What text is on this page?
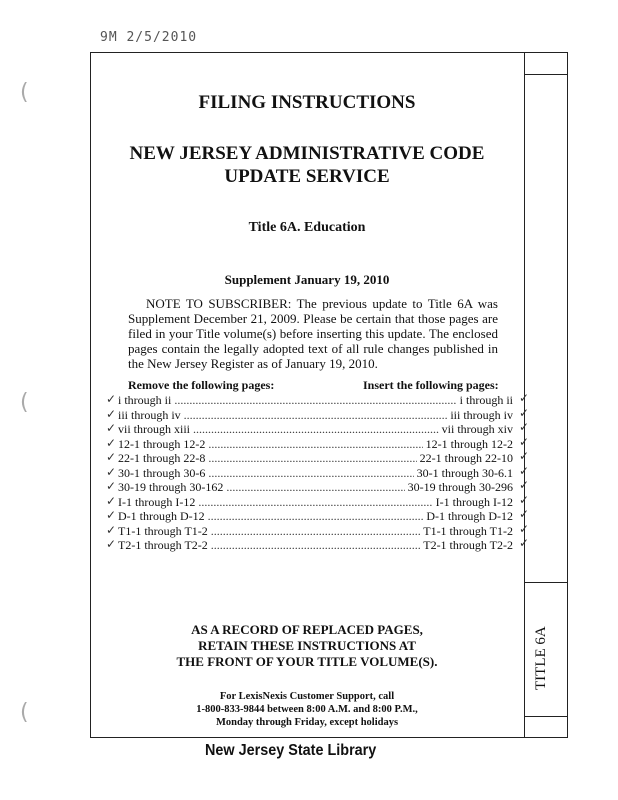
9M 2/5/2010
(
(
(
TITLE 6A
FILING INSTRUCTIONS
NEW JERSEY ADMINISTRATIVE CODE
UPDATE SERVICE
Title 6A. Education
Supplement January 19, 2010
NOTE TO SUBSCRIBER: The previous update to Title 6A was Supplement December 21, 2009. Please be certain that those pages are filed in your Title volume(s) before inserting this update. The enclosed pages contain the legally adopted text of all rule changes published in the New Jersey Register as of January 19, 2010.
Remove the following pages:	Insert the following pages:
✓ i through ii .....	i through ii ✓
✓ iii through iv .....	iii through iv ✓
✓ vii through xiii .....	vii through xiv ✓
✓ 12-1 through 12-2 .....	12-1 through 12-2 ✓
✓ 22-1 through 22-8 .....	22-1 through 22-10 ✓
✓ 30-1 through 30-6 .....	30-1 through 30-6.1 ✓
✓ 30-19 through 30-162 .....	30-19 through 30-296 ✓
✓ I-1 through I-12 .....	I-1 through I-12 ✓
✓ D-1 through D-12 .....	D-1 through D-12 ✓
✓ T1-1 through T1-2 .....	T1-1 through T1-2 ✓
✓ T2-1 through T2-2 .....	T2-1 through T2-2 ✓
AS A RECORD OF REPLACED PAGES,
RETAIN THESE INSTRUCTIONS AT
THE FRONT OF YOUR TITLE VOLUME(S).
For LexisNexis Customer Support, call
1-800-833-9844 between 8:00 A.M. and 8:00 P.M.,
Monday through Friday, except holidays
New Jersey State Library
